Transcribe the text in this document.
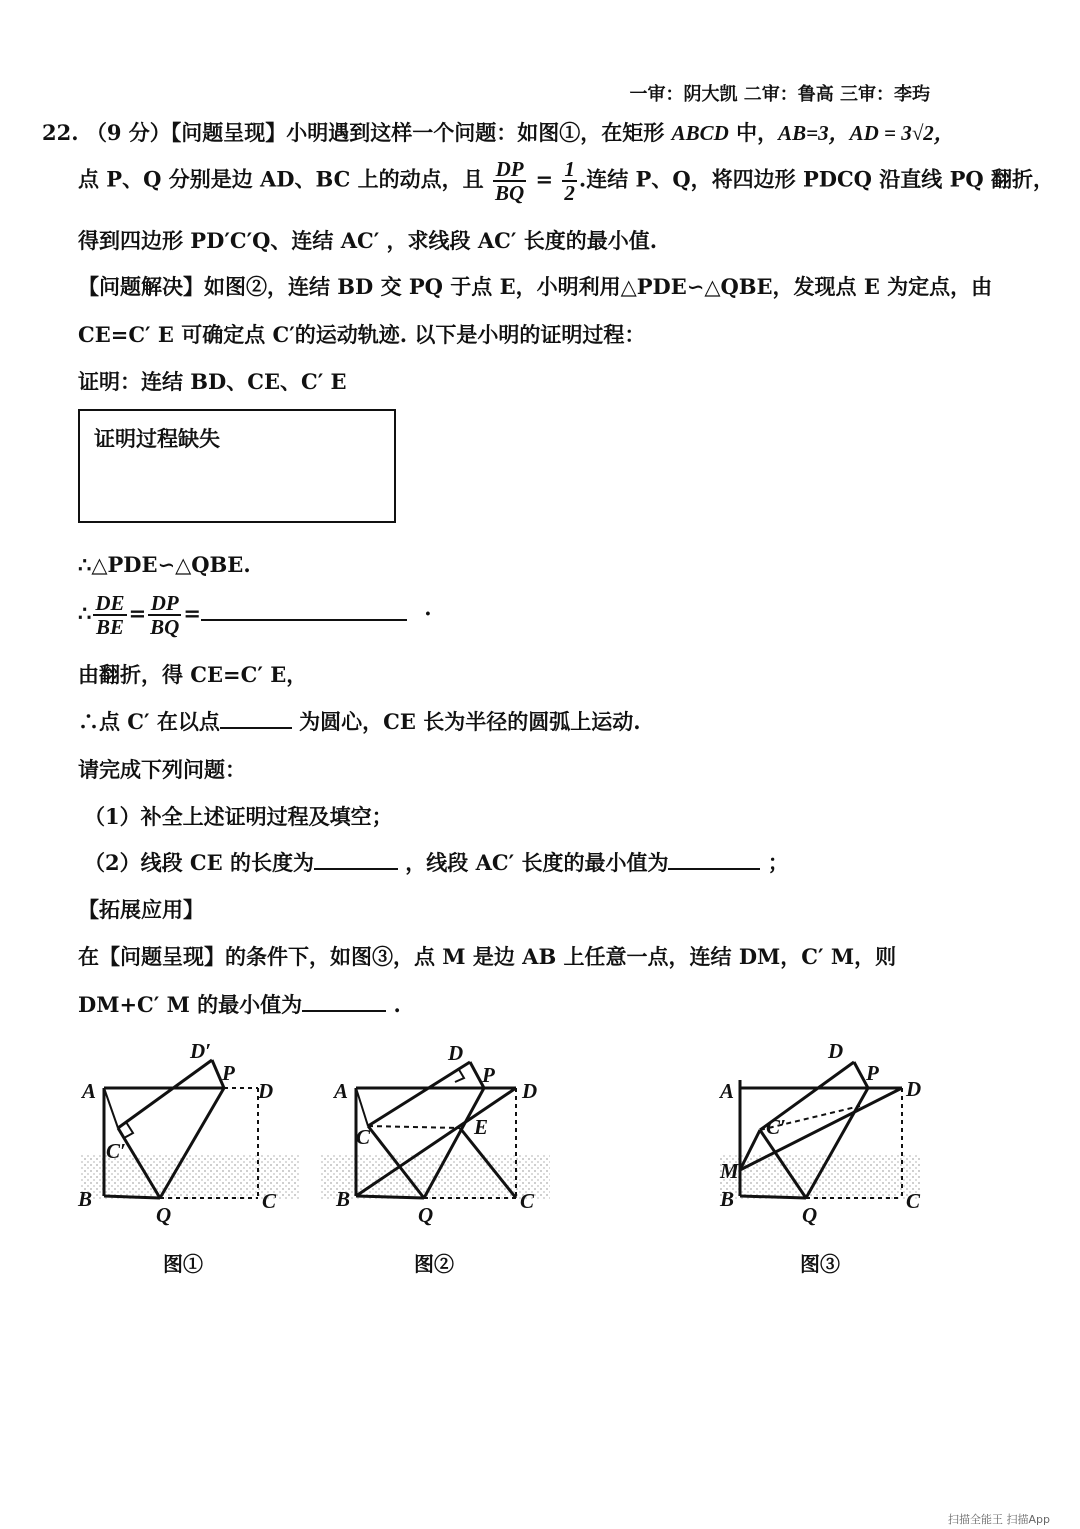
一审：阴大凯 二审：鲁高 三审：李玙
22. （9 分）【问题呈现】小明遇到这样一个问题：如图①，在矩形 ABCD 中，AB=3，AD = 3√2，
点 P、Q 分别是边 AD、BC 上的动点，且 $\frac{DP}{BQ} = \frac{1}{2}$ .连结 P、Q，将四边形 PDCQ 沿直线 PQ 翻折，
得到四边形 PD′C′Q、连结 AC′ ，求线段 AC′ 长度的最小值.
【问题解决】如图②，连结 BD 交 PQ 于点 E，小明利用△PDE∽△QBE，发现点 E 为定点，由
CE=C′ E 可确定点 C′的运动轨迹. 以下是小明的证明过程：
证明：连结 BD、CE、C′ E
证明过程缺失
∴△PDE∽△QBE.
∴ $\frac{DE}{BE} = \frac{DP}{BQ}$ =	·
由翻折，得 CE=C′ E，
∴点 C′ 在以点	为圆心，CE 长为半径的圆弧上运动.
请完成下列问题：
（1）补全上述证明过程及填空；
（2）线段 CE 的长度为	，线段 AC′ 长度的最小值为	；
【拓展应用】
在【问题呈现】的条件下，如图③，点 M 是边 AB 上任意一点，连结 DM，C′ M，则
DM+C′ M 的最小值为	.
A
B	C
D
P
Q
D′
C′
A
B	C
D
P
Q
D
C	E
A
B	C
D
P
Q
D
C′
M
图①	图②	图③
扫描全能王 扫描App
